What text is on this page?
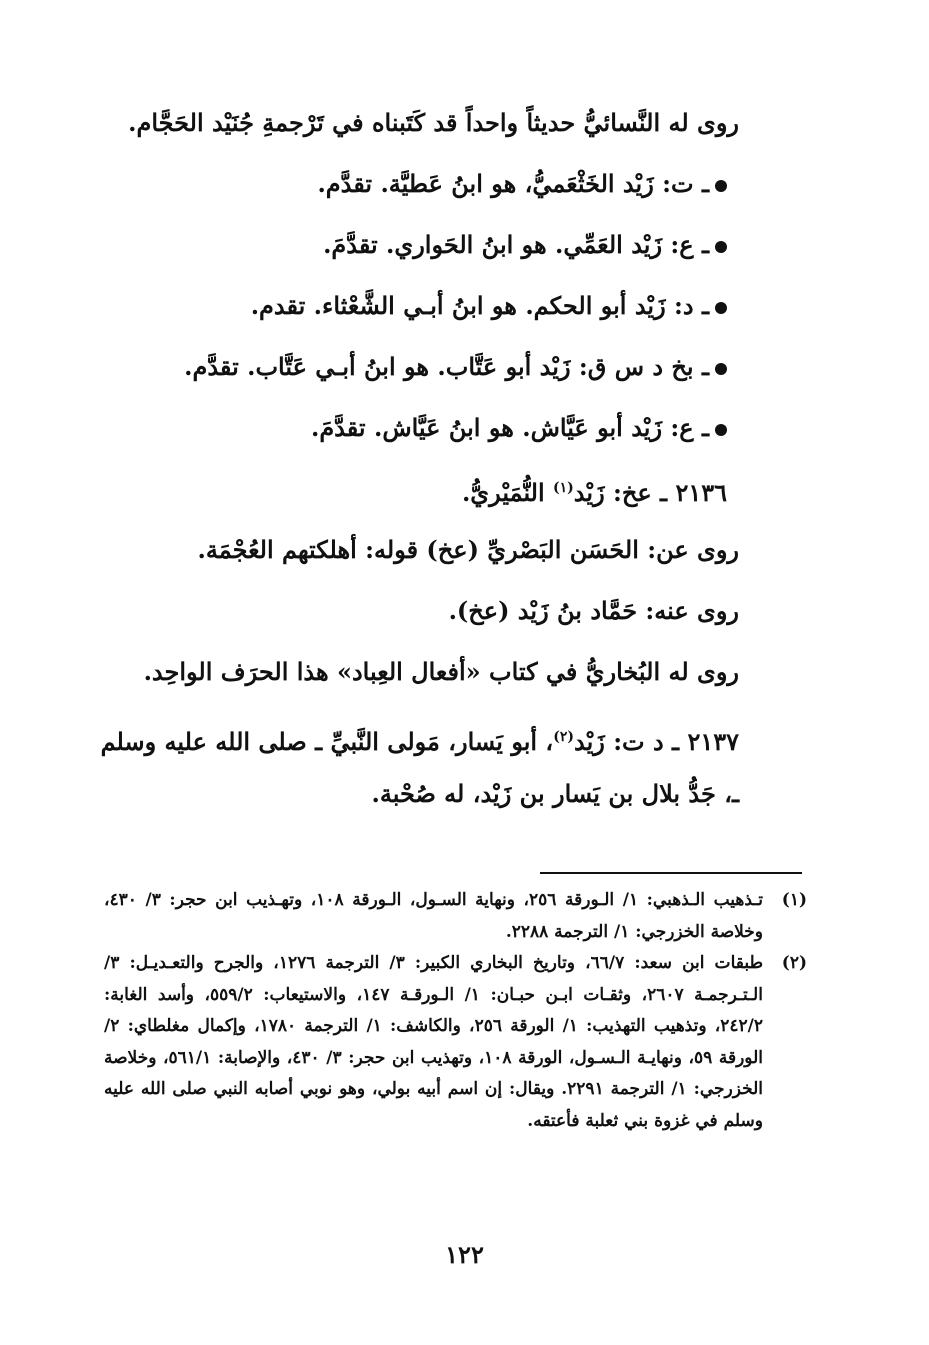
روى له النَّسائيُّ حديثاً واحداً قد كَتَبناه في تَرْجمةِ جُنَيْد الحَجَّام.
ـ ت: زَيْد الخَثْعَميُّ، هو ابنُ عَطيَّة. تقدَّم.
ـ ع: زَيْد العَمِّي. هو ابنُ الحَواري. تقدَّمَ.
ـ د: زَيْد أبو الحكم. هو ابنُ أبـي الشَّعْثاء. تقدم.
ـ بخ د س ق: زَيْد أبو عَتَّاب. هو ابنُ أبـي عَتَّاب. تقدَّم.
ـ ع: زَيْد أبو عَيَّاش. هو ابنُ عَيَّاش. تقدَّمَ.
٢١٣٦ ـ عخ: زَيْد$^{(١)}$ النُّمَيْريُّ.
روى عن: الحَسَن البَصْريِّ (عخ) قوله: أهلكتهم العُجْمَة.
روى عنه: حَمَّاد بنُ زَيْد (عخ).
روى له البُخاريُّ في كتاب «أفعال العِباد» هذا الحرَف الواحِد.
٢١٣٧ ـ د ت: زَيْد$^{(٢)}$، أبو يَسار، مَولى النَّبيِّ ـ صلى الله عليه وسلم ـ، جَدُّ بلال بن يَسار بن زَيْد، له صُحْبة.
(١)
تـذهيب الـذهبي: ١/ الـورقة ٢٥٦، ونهاية السـول، الـورقة ١٠٨، وتهـذيب ابن حجر: ٣/ ٤٣٠، وخلاصة الخزرجي: ١/ الترجمة ٢٢٨٨.
(٢)
طبقات ابن سعد: ٦٦/٧، وتاريخ البخاري الكبير: ٣/ الترجمة ١٢٧٦، والجرح والتعـديـل: ٣/ الـتـرجمـة ٢٦٠٧، وثقـات ابـن حبـان: ١/ الـورقـة ١٤٧، والاستيعاب: ٥٥٩/٢، وأسد الغابة: ٢٤٢/٢، وتذهيب التهذيب: ١/ الورقة ٢٥٦، والكاشف: ١/ الترجمة ١٧٨٠، وإكمال مغلطاي: ٢/ الورقة ٥٩، ونهايـة الـسـول، الورقة ١٠٨، وتهذيب ابن حجر: ٣/ ٤٣٠، والإصابة: ٥٦١/١، وخلاصة الخزرجي: ١/ الترجمة ٢٢٩١. ويقال: إن اسم أبيه بولي، وهو نوبي أصابه النبي صلى الله عليه وسلم في غزوة بني ثعلبة فأعتقه.
١٢٢
